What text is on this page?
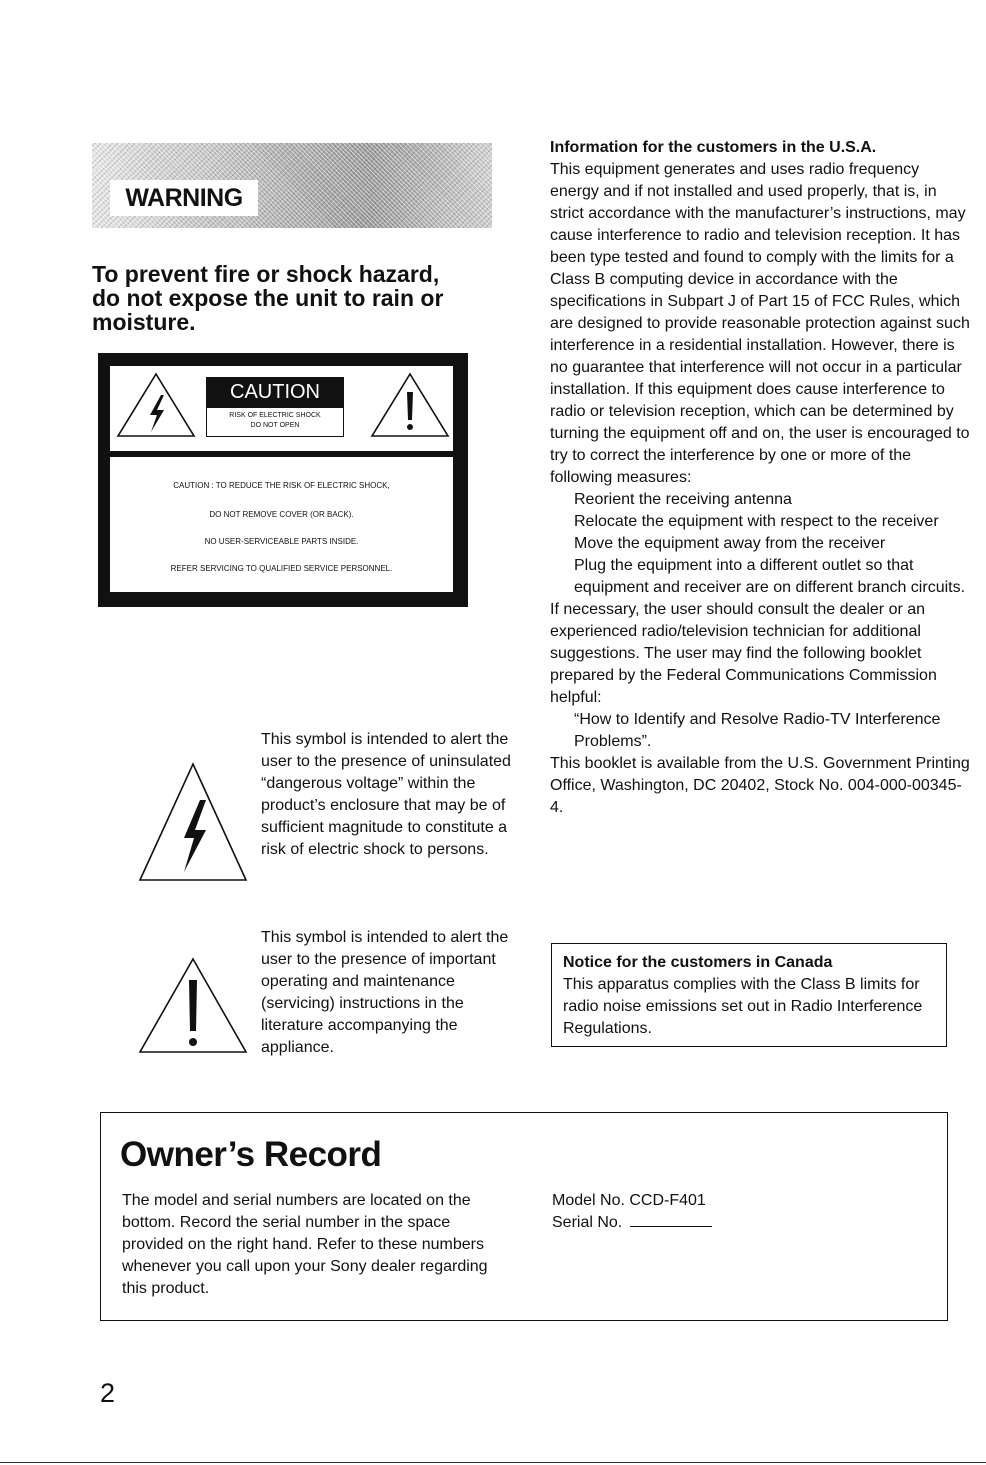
WARNING
To prevent fire or shock hazard,
do not expose the unit to rain or
moisture.
CAUTION
RISK OF ELECTRIC SHOCK
DO NOT OPEN
CAUTION : TO REDUCE THE RISK OF ELECTRIC SHOCK,
DO NOT REMOVE COVER (OR BACK).
NO USER-SERVICEABLE PARTS INSIDE.
REFER SERVICING TO QUALIFIED SERVICE PERSONNEL.
This symbol is intended to alert the user to the presence of uninsulated “dangerous voltage” within the product’s enclosure that may be of sufficient magnitude to constitute a risk of electric shock to persons.
This symbol is intended to alert the user to the presence of important operating and maintenance (servicing) instructions in the literature accompanying the appliance.

Information for the customers in the U.S.A.

This equipment generates and uses radio frequency energy and if not installed and used properly, that is, in strict accordance with the manufacturer’s instructions, may cause interference to radio and television reception. It has been type tested and found to comply with the limits for a Class B computing device in accordance with the specifications in Subpart J of Part 15 of FCC Rules, which are designed to provide reasonable protection against such interference in a residential installation. However, there is no guarantee that interference will not occur in a particular installation. If this equipment does cause interference to radio or television reception, which can be determined by turning the equipment off and on, the user is encouraged to try to correct the interference by one or more of the following measures:

Reorient the receiving antenna

Relocate the equipment with respect to the receiver

Move the equipment away from the receiver

Plug the equipment into a different outlet so that equipment and receiver are on different branch circuits.

If necessary, the user should consult the dealer or an experienced radio/television technician for additional suggestions. The user may find the following booklet prepared by the Federal Communications Commission helpful:

“How to Identify and Resolve Radio-TV Interference Problems”.

This booklet is available from the U.S. Government Printing Office, Washington, DC 20402, Stock No. 004-000-00345-4.

Notice for the customers in Canada

This apparatus complies with the Class B limits for radio noise emissions set out in Radio Interference Regulations.

Owner’s Record
The model and serial numbers are located on the bottom. Record the serial number in the space provided on the right hand. Refer to these numbers whenever you call upon your Sony dealer regarding this product.

Model No. CCD-F401

Serial No.

2
